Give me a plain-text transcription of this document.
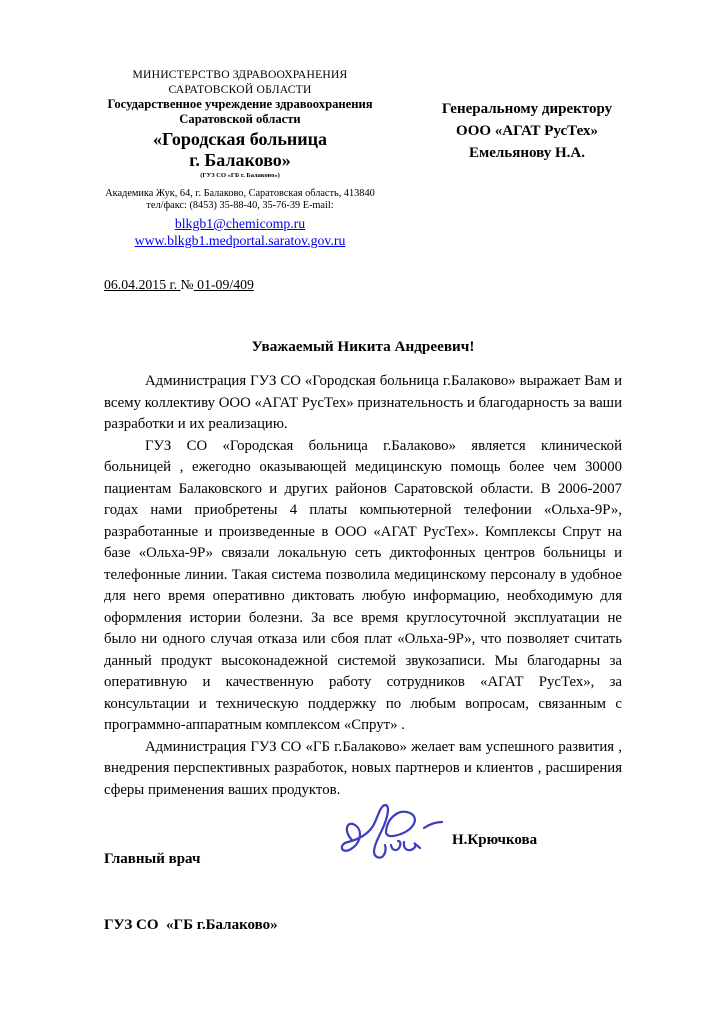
МИНИСТЕРСТВО ЗДРАВООХРАНЕНИЯ
САРАТОВСКОЙ ОБЛАСТИ
Государственное учреждение здравоохранения
Саратовской области
«Городская больница
г. Балаково»
(ГУЗ СО «ГБ г. Балаково»)
Академика Жук, 64, г. Балаково, Саратовская область, 413840
тел/факс: (8453) 35-88-40, 35-76-39 E-mail:
blkgb1@chemicomp.ru
www.blkgb1.medportal.saratov.gov.ru
Генеральному директору
ООО «АГАТ РусТех»
Емельянову Н.А.
06.04.2015 г. № 01-09/409
Уважаемый Никита Андреевич!

Администрация ГУЗ СО «Городская больница г.Балаково» выражает Вам и всему коллективу ООО «АГАТ РусТех» признательность и благодарность за ваши разработки и их реализацию.

ГУЗ СО «Городская больница г.Балаково» является клинической больницей , ежегодно оказывающей медицинскую помощь более чем 30000 пациентам Балаковского и других районов Саратовской области. В 2006-2007 годах нами приобретены 4 платы компьютерной телефонии «Ольха-9Р», разработанные и произведенные в ООО «АГАТ РусТех». Комплексы Спрут на базе «Ольха-9Р» связали локальную сеть диктофонных центров больницы и телефонные линии. Такая система позволила медицинскому персоналу в удобное для него время оперативно диктовать любую информацию, необходимую для оформления истории болезни. За все время круглосуточной эксплуатации не было ни одного случая отказа или сбоя плат «Ольха-9Р», что позволяет считать данный продукт высоконадежной системой звукозаписи. Мы благодарны за оперативную и качественную работу сотрудников «АГАТ РусТех», за консультации и техническую поддержку по любым вопросам, связанным с программно-аппаратным комплексом «Спрут» .

Администрация ГУЗ СО «ГБ г.Балаково» желает вам успешного развития , внедрения перспективных разработок, новых партнеров и клиентов , расширения сферы применения ваших продуктов.

Главный врач

ГУЗ СО  «ГБ г.Балаково»

Н.Крючкова
